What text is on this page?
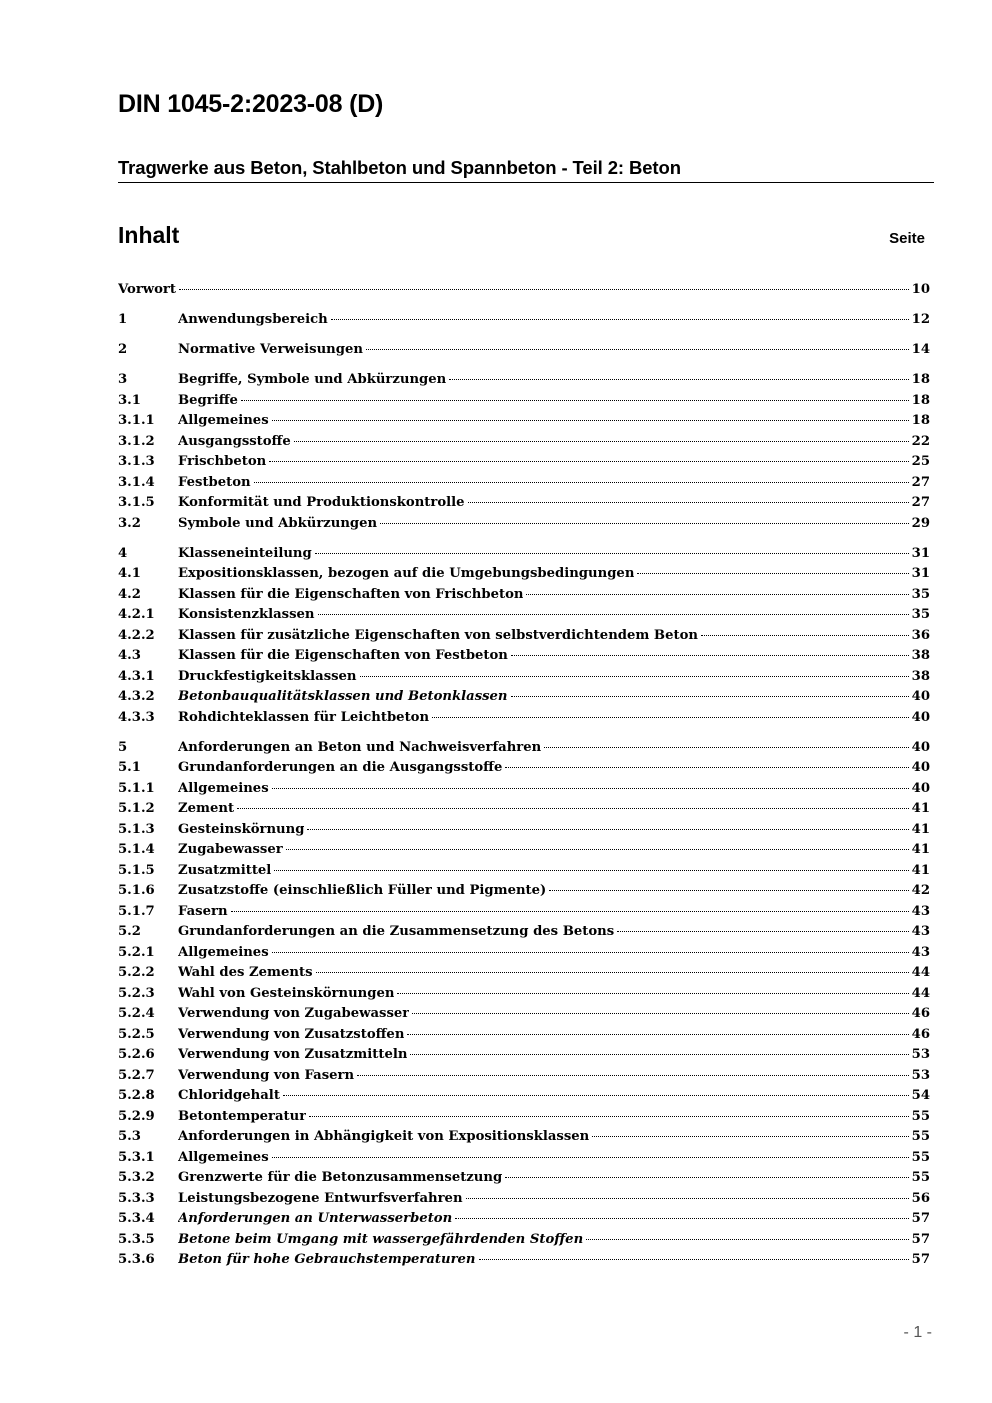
DIN 1045-2:2023-08 (D)
Tragwerke aus Beton, Stahlbeton und Spannbeton - Teil 2: Beton
Inhalt	Seite
Vorwort	10
1	Anwendungsbereich	12
2	Normative Verweisungen	14
3	Begriffe, Symbole und Abkürzungen	18
3.1	Begriffe	18
3.1.1	Allgemeines	18
3.1.2	Ausgangsstoffe	22
3.1.3	Frischbeton	25
3.1.4	Festbeton	27
3.1.5	Konformität und Produktionskontrolle	27
3.2	Symbole und Abkürzungen	29
4	Klasseneinteilung	31
4.1	Expositionsklassen, bezogen auf die Umgebungsbedingungen	31
4.2	Klassen für die Eigenschaften von Frischbeton	35
4.2.1	Konsistenzklassen	35
4.2.2	Klassen für zusätzliche Eigenschaften von selbstverdichtendem Beton	36
4.3	Klassen für die Eigenschaften von Festbeton	38
4.3.1	Druckfestigkeitsklassen	38
4.3.2	Betonbauqualitätsklassen und Betonklassen	40
4.3.3	Rohdichteklassen für Leichtbeton	40
5	Anforderungen an Beton und Nachweisverfahren	40
5.1	Grundanforderungen an die Ausgangsstoffe	40
5.1.1	Allgemeines	40
5.1.2	Zement	41
5.1.3	Gesteinskörnung	41
5.1.4	Zugabewasser	41
5.1.5	Zusatzmittel	41
5.1.6	Zusatzstoffe (einschließlich Füller und Pigmente)	42
5.1.7	Fasern	43
5.2	Grundanforderungen an die Zusammensetzung des Betons	43
5.2.1	Allgemeines	43
5.2.2	Wahl des Zements	44
5.2.3	Wahl von Gesteinskörnungen	44
5.2.4	Verwendung von Zugabewasser	46
5.2.5	Verwendung von Zusatzstoffen	46
5.2.6	Verwendung von Zusatzmitteln	53
5.2.7	Verwendung von Fasern	53
5.2.8	Chloridgehalt	54
5.2.9	Betontemperatur	55
5.3	Anforderungen in Abhängigkeit von Expositionsklassen	55
5.3.1	Allgemeines	55
5.3.2	Grenzwerte für die Betonzusammensetzung	55
5.3.3	Leistungsbezogene Entwurfsverfahren	56
5.3.4	Anforderungen an Unterwasserbeton	57
5.3.5	Betone beim Umgang mit wassergefährdenden Stoffen	57
5.3.6	Beton für hohe Gebrauchstemperaturen	57
- 1 -
